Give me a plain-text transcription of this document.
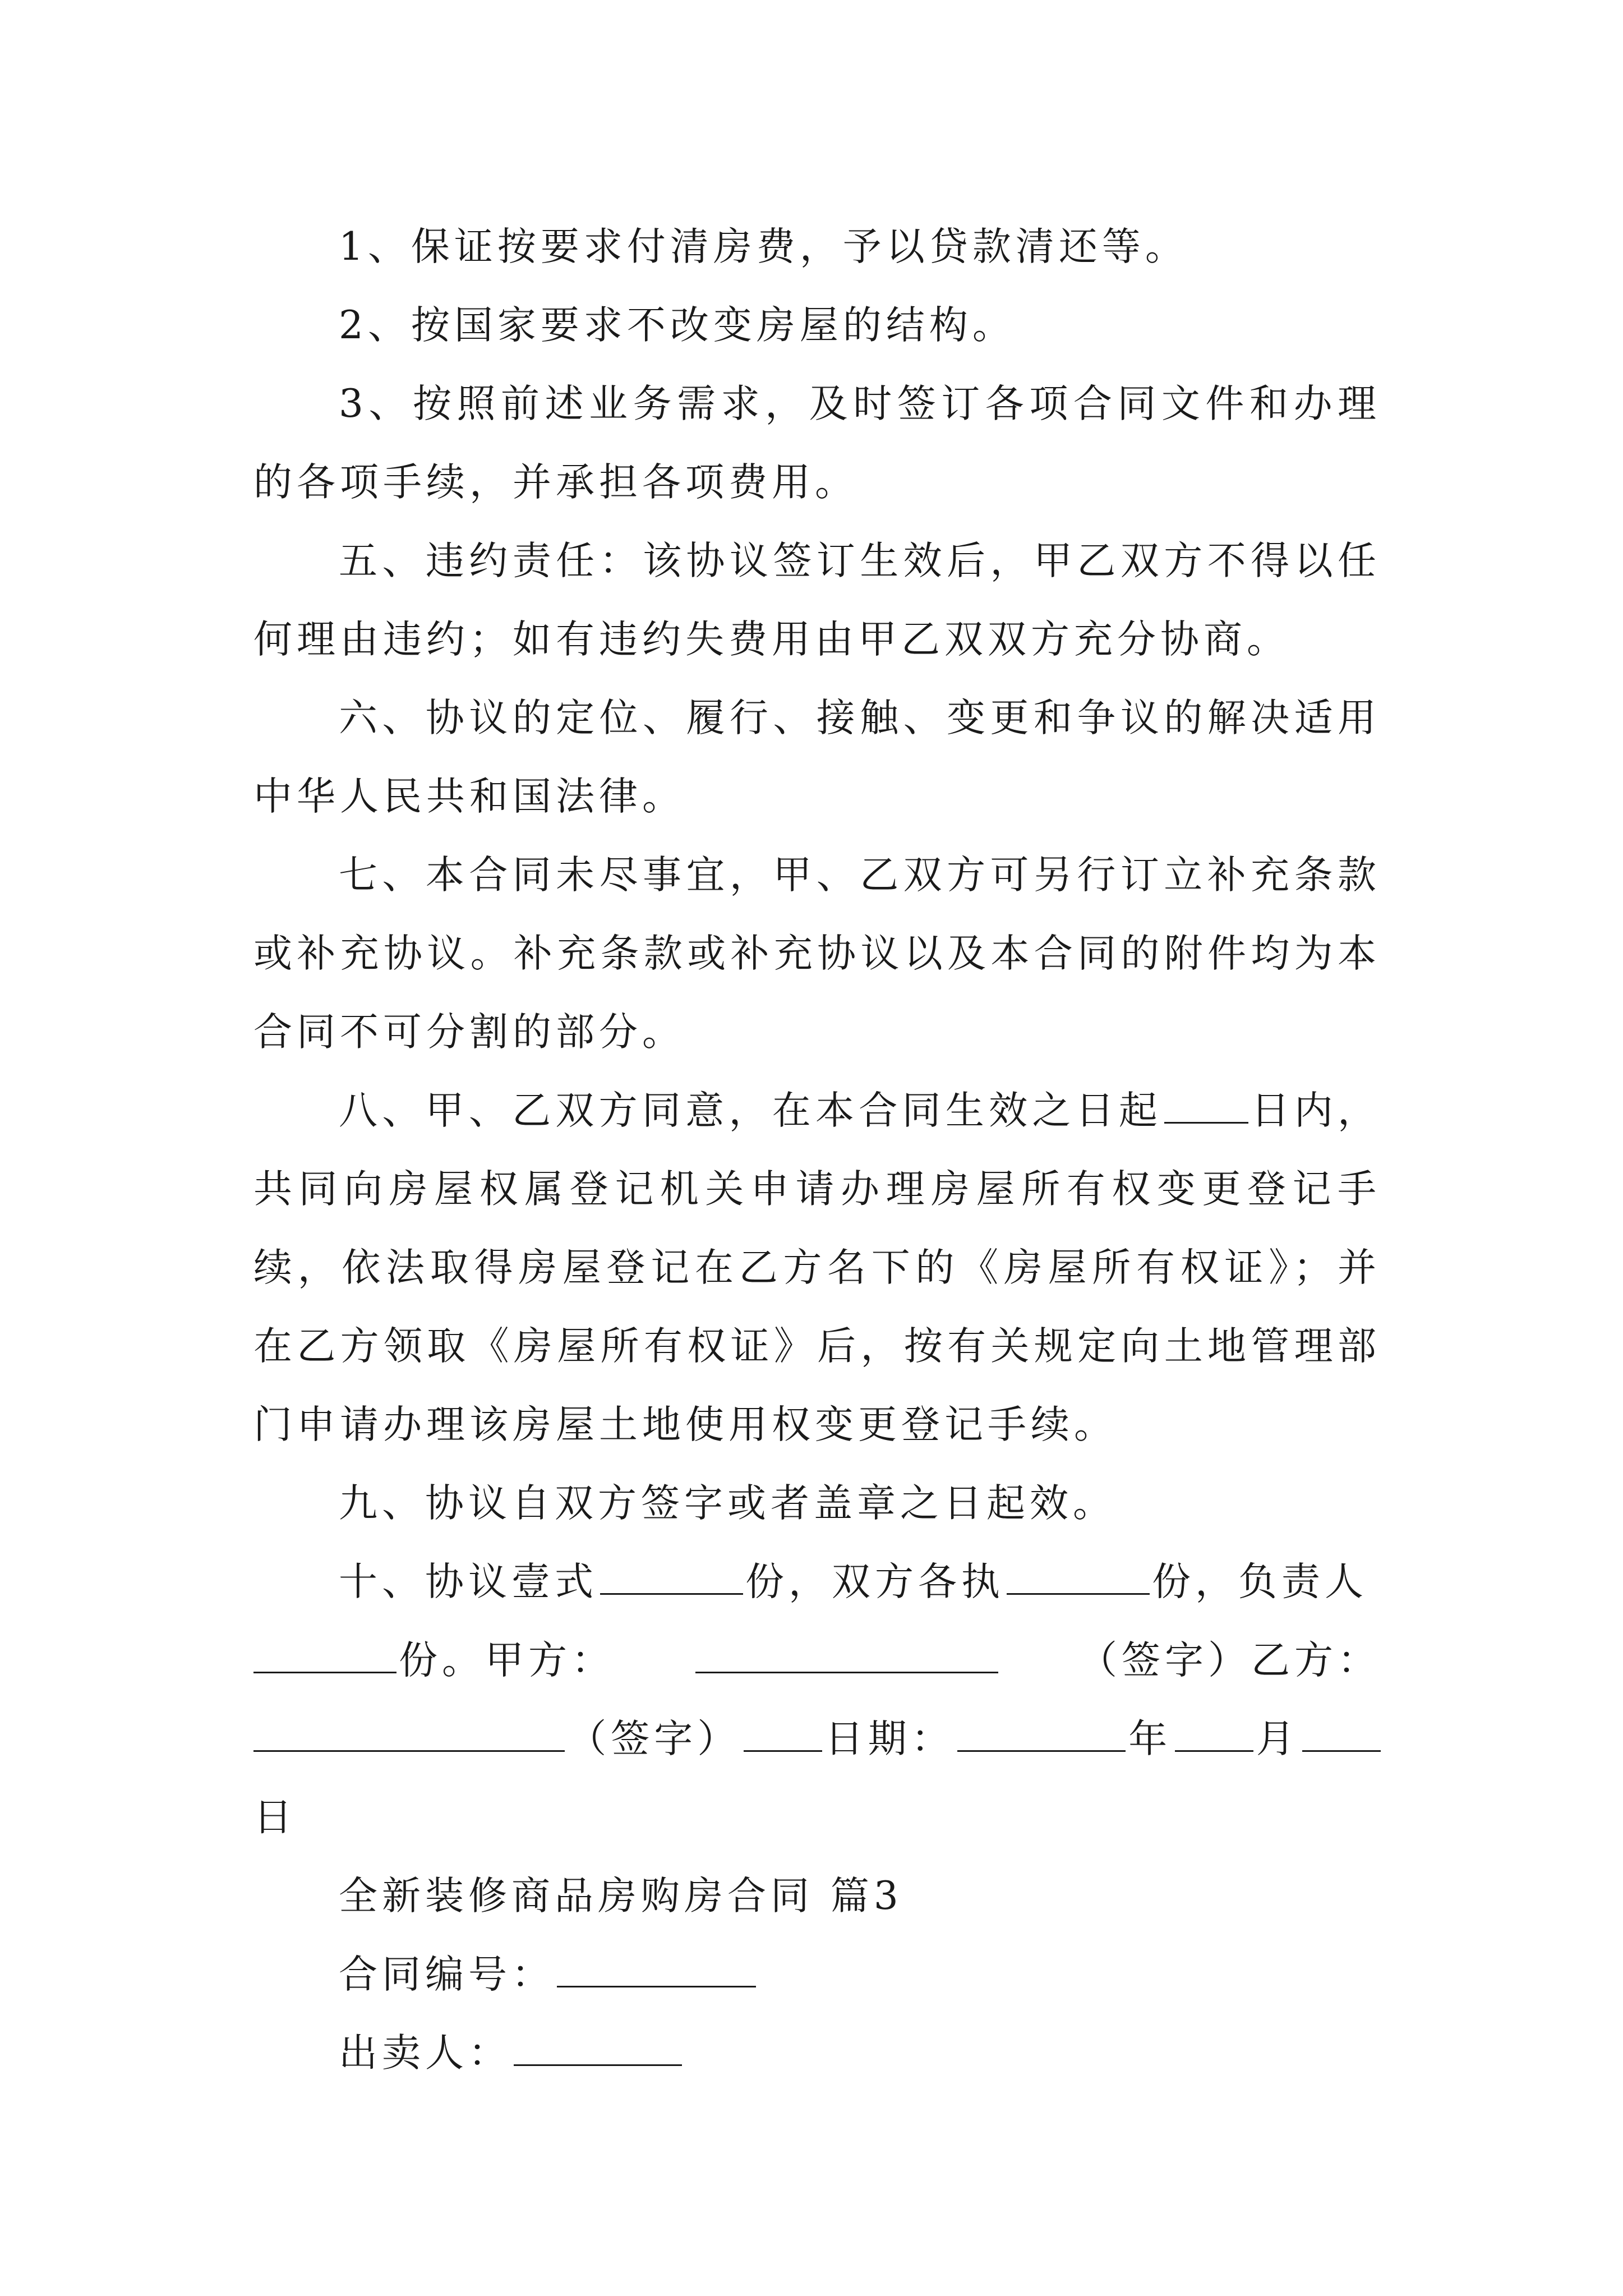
1、保证按要求付清房费，予以贷款清还等。

2、按国家要求不改变房屋的结构。

3、按照前述业务需求，及时签订各项合同文件和办理的各项手续，并承担各项费用。

五、违约责任：该协议签订生效后，甲乙双方不得以任何理由违约；如有违约失费用由甲乙双双方充分协商。

六、协议的定位、履行、接触、变更和争议的解决适用中华人民共和国法律。

七、本合同未尽事宜，甲、乙双方可另行订立补充条款或补充协议。补充条款或补充协议以及本合同的附件均为本合同不可分割的部分。

八、甲、乙双方同意，在本合同生效之日起 日内，共同向房屋权属登记机关申请办理房屋所有权变更登记手续，依法取得房屋登记在乙方名下的《房屋所有权证》；并在乙方领取《房屋所有权证》后，按有关规定向土地管理部门申请办理该房屋土地使用权变更登记手续。

九、协议自双方签字或者盖章之日起效。

十、协议壹式	份，双方各执	份，负责人
份。甲方：	（签字）乙方：
（签字） 日期：	年 月
日
全新装修商品房购房合同 篇3
合同编号：
出卖人：
